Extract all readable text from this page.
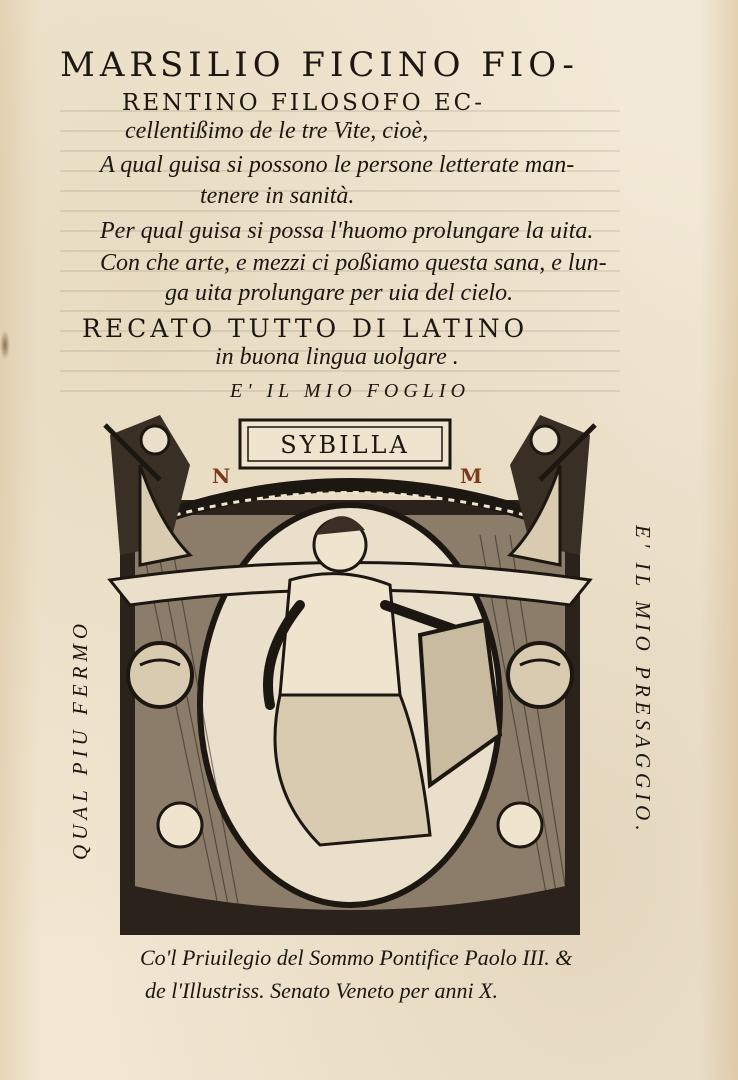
MARSILIO FICINO FIO-
RENTINO FILOSOFO EC-
cellentißimo de le tre Vite, cioè,
A qual guisa si possono le persone letterate man-
tenere in sanità.
Per qual guisa si possa l'huomo prolungare la uita.
Con che arte, e mezzi ci poßiamo questa sana, e lun-
ga uita prolungare per uia del cielo.
RECATO TUTTO DI LATINO
in buona lingua uolgare .
E' IL MIO FOGLIO
QUAL PIU FERMO	E' IL MIO PRESAGGIO.
SYBILLA
N	M
Co'l Priuilegio del Sommo Pontifice Paolo III. &
de l'Illustriss. Senato Veneto per anni X.
